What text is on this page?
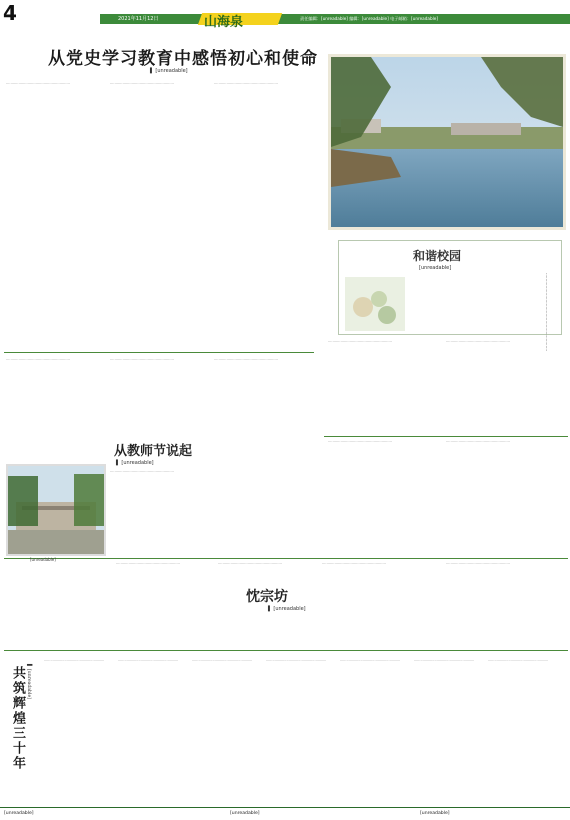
4	2021年11月12日	山海泉	责任编辑：[unreadable] 编辑：[unreadable] 电子邮箱：[unreadable]
从党史学习教育中感悟初心和使命
▌ [unreadable]
························································	························································	························································
和谐校园
[unreadable]
························································
························································	························································
························································	························································
从教师节说起
▌ [unreadable]
························································
························································
························································	························································
[unreadable]
························································	························································
忱宗坊
▌ [unreadable]
························································	························································
共筑辉煌三十年 ▌ [unreadable]
························································	························································	························································	························································	························································	························································	························································
[unreadable]	[unreadable]	[unreadable]
